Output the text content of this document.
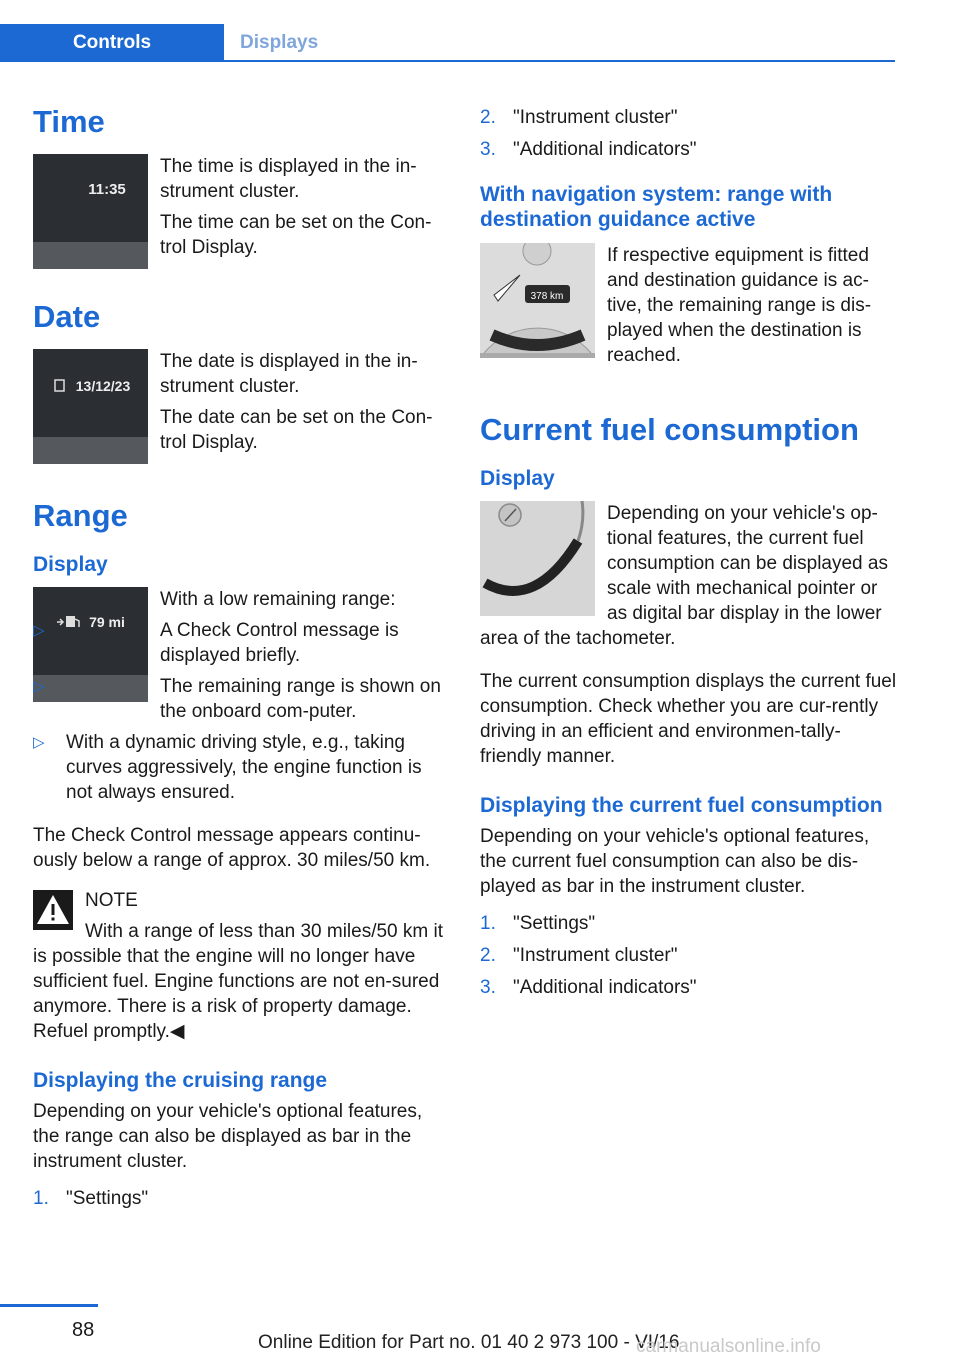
Controls	Displays
Time
11:35

The time is displayed in the in-strument cluster.

The time can be set on the Con-trol Display.

Date
13/12/23

The date is displayed in the in-strument cluster.

The date can be set on the Con-trol Display.

Range
Display
79 mi

With a low remaining range:

▷	A Check Control message is displayed briefly.
▷	The remaining range is shown on the onboard com-puter.
▷ With a dynamic driving style, e.g., taking curves aggressively, the engine function is not always ensured.

The Check Control message appears continu-ously below a range of approx. 30 miles/50 km.

NOTE

With a range of less than 30 miles/50 km it is possible that the engine will no longer have sufficient fuel. Engine functions are not en-sured anymore. There is a risk of property damage. Refuel promptly.◀

Displaying the cruising range

Depending on your vehicle's optional features, the range can also be displayed as bar in the instrument cluster.

1. "Settings"
2. "Instrument cluster"
3. "Additional indicators"
With navigation system: range with destination guidance active
378 km

If respective equipment is fitted and destination guidance is ac-tive, the remaining range is dis-played when the destination is reached.

Current fuel consumption
Display

Depending on your vehicle's op-tional features, the current fuel consumption can be displayed as scale with mechanical pointer or as digital bar display in the lower area of the tachometer.

The current consumption displays the current fuel consumption. Check whether you are cur-rently driving in an efficient and environmen-tally-friendly manner.

Displaying the current fuel consumption

Depending on your vehicle's optional features, the current fuel consumption can also be dis-played as bar in the instrument cluster.

1. "Settings"
2. "Instrument cluster"
3. "Additional indicators"
88
Online Edition for Part no. 01 40 2 973 100 - VI/16
carmanualsonline.info
